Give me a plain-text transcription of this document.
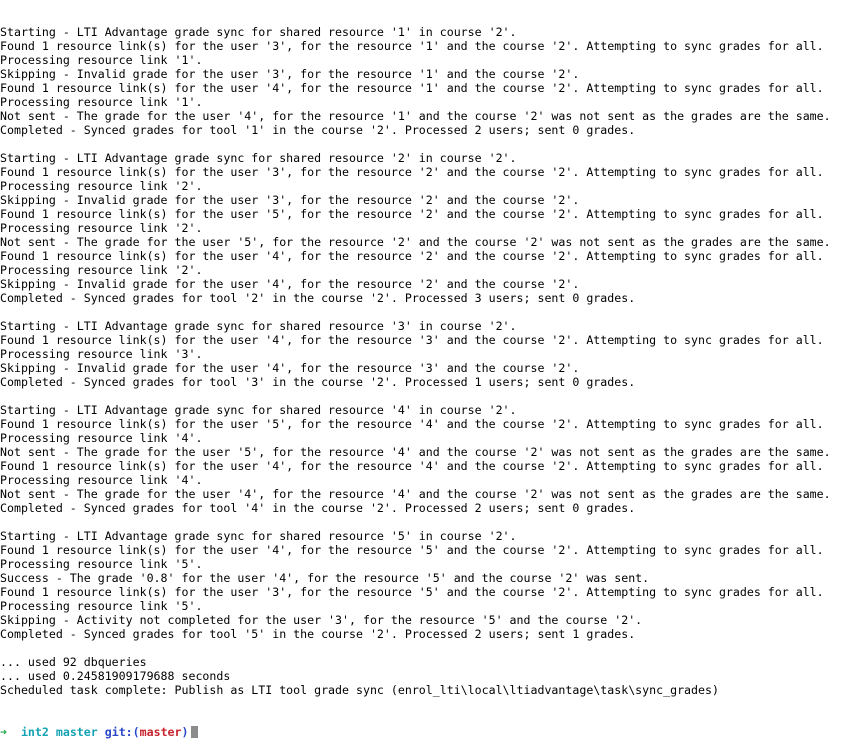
Starting - LTI Advantage grade sync for shared resource '1' in course '2'.
Found 1 resource link(s) for the user '3', for the resource '1' and the course '2'. Attempting to sync grades for all.
Processing resource link '1'.
Skipping - Invalid grade for the user '3', for the resource '1' and the course '2'.
Found 1 resource link(s) for the user '4', for the resource '1' and the course '2'. Attempting to sync grades for all.
Processing resource link '1'.
Not sent - The grade for the user '4', for the resource '1' and the course '2' was not sent as the grades are the same.
Completed - Synced grades for tool '1' in the course '2'. Processed 2 users; sent 0 grades.
Starting - LTI Advantage grade sync for shared resource '2' in course '2'.
Found 1 resource link(s) for the user '3', for the resource '2' and the course '2'. Attempting to sync grades for all.
Processing resource link '2'.
Skipping - Invalid grade for the user '3', for the resource '2' and the course '2'.
Found 1 resource link(s) for the user '5', for the resource '2' and the course '2'. Attempting to sync grades for all.
Processing resource link '2'.
Not sent - The grade for the user '5', for the resource '2' and the course '2' was not sent as the grades are the same.
Found 1 resource link(s) for the user '4', for the resource '2' and the course '2'. Attempting to sync grades for all.
Processing resource link '2'.
Skipping - Invalid grade for the user '4', for the resource '2' and the course '2'.
Completed - Synced grades for tool '2' in the course '2'. Processed 3 users; sent 0 grades.
Starting - LTI Advantage grade sync for shared resource '3' in course '2'.
Found 1 resource link(s) for the user '4', for the resource '3' and the course '2'. Attempting to sync grades for all.
Processing resource link '3'.
Skipping - Invalid grade for the user '4', for the resource '3' and the course '2'.
Completed - Synced grades for tool '3' in the course '2'. Processed 1 users; sent 0 grades.
Starting - LTI Advantage grade sync for shared resource '4' in course '2'.
Found 1 resource link(s) for the user '5', for the resource '4' and the course '2'. Attempting to sync grades for all.
Processing resource link '4'.
Not sent - The grade for the user '5', for the resource '4' and the course '2' was not sent as the grades are the same.
Found 1 resource link(s) for the user '4', for the resource '4' and the course '2'. Attempting to sync grades for all.
Processing resource link '4'.
Not sent - The grade for the user '4', for the resource '4' and the course '2' was not sent as the grades are the same.
Completed - Synced grades for tool '4' in the course '2'. Processed 2 users; sent 0 grades.
Starting - LTI Advantage grade sync for shared resource '5' in course '2'.
Found 1 resource link(s) for the user '4', for the resource '5' and the course '2'. Attempting to sync grades for all.
Processing resource link '5'.
Success - The grade '0.8' for the user '4', for the resource '5' and the course '2' was sent.
Found 1 resource link(s) for the user '3', for the resource '5' and the course '2'. Attempting to sync grades for all.
Processing resource link '5'.
Skipping - Activity not completed for the user '3', for the resource '5' and the course '2'.
Completed - Synced grades for tool '5' in the course '2'. Processed 2 users; sent 1 grades.
... used 92 dbqueries
... used 0.24581909179688 seconds
Scheduled task complete: Publish as LTI tool grade sync (enrol_lti\local\ltiadvantage\task\sync_grades)

➜ int2 master git:(master)
